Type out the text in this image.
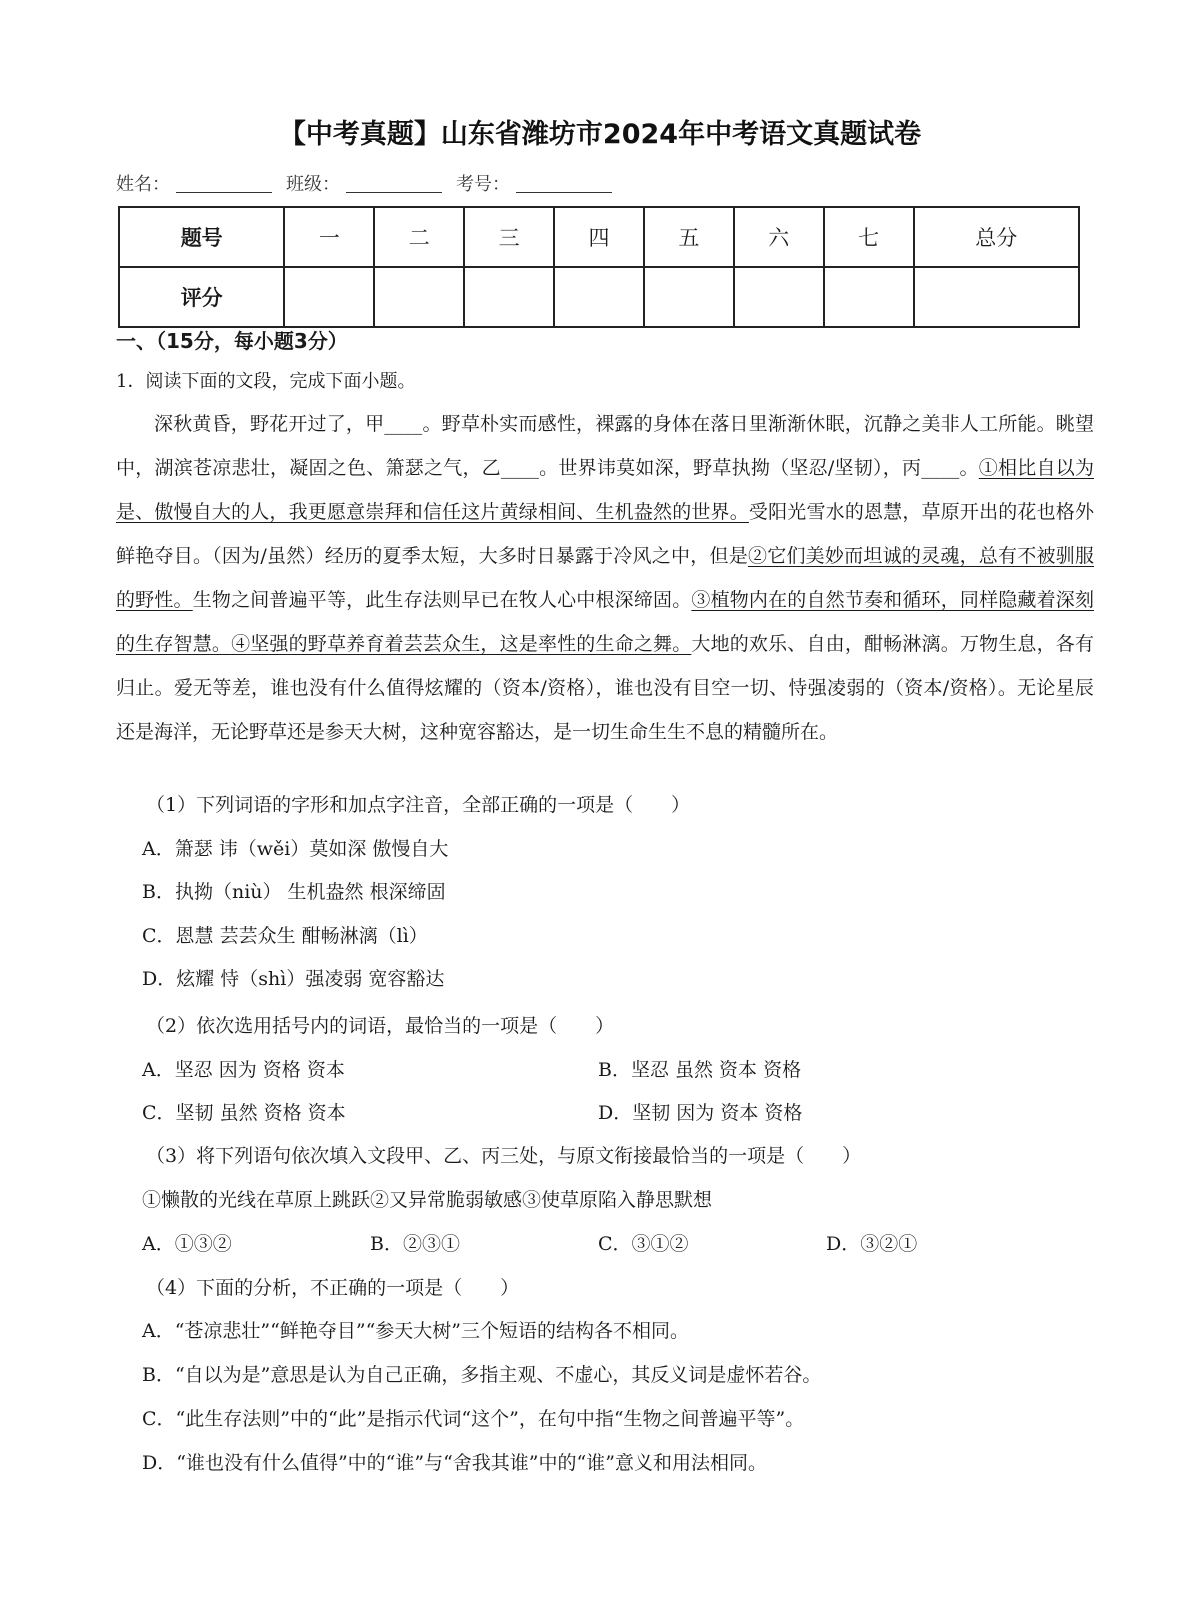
【中考真题】山东省潍坊市2024年中考语文真题试卷
姓名：	班级：	考号：
题号	一	二	三	四	五	六	七	总分
评分								
一、（15分，每小题3分）
1．阅读下面的文段，完成下面小题。

深秋黄昏，野花开过了，甲____。野草朴实而感性，裸露的身体在落日里渐渐休眠，沉静之美非人工所能。眺望中，湖滨苍凉悲壮，凝固之色、箫瑟之气，乙____。世界讳莫如深，野草执拗（坚忍/坚韧），丙____。①相比自以为是、傲慢自大的人，我更愿意崇拜和信任这片黄绿相间、生机盎然的世界。受阳光雪水的恩慧，草原开出的花也格外鲜艳夺目。（因为/虽然）经历的夏季太短，大多时日暴露于冷风之中，但是②它们美妙而坦诚的灵魂，总有不被驯服的野性。生物之间普遍平等，此生存法则早已在牧人心中根深缔固。③植物内在的自然节奏和循环，同样隐藏着深刻的生存智慧。④坚强的野草养育着芸芸众生，这是率性的生命之舞。大地的欢乐、自由，酣畅淋漓。万物生息，各有归止。爱无等差，谁也没有什么值得炫耀的（资本/资格），谁也没有目空一切、恃强凌弱的（资本/资格）。无论星辰还是海洋，无论野草还是参天大树，这种宽容豁达，是一切生命生生不息的精髓所在。

（1）下列词语的字形和加点字注音，全部正确的一项是（　　）
A．箫瑟 讳（wěi）莫如深 傲慢自大
B．执拗（niù） 生机盎然 根深缔固
C．恩慧 芸芸众生 酣畅淋漓（lì）
D．炫耀 恃（shì）强凌弱 宽容豁达
（2）依次选用括号内的词语，最恰当的一项是（　　）
A．坚忍 因为 资格 资本	B．坚忍 虽然 资本 资格
C．坚韧 虽然 资格 资本	D．坚韧 因为 资本 资格
（3）将下列语句依次填入文段甲、乙、丙三处，与原文衔接最恰当的一项是（　　）
①懒散的光线在草原上跳跃②又异常脆弱敏感③使草原陷入静思默想
A．①③②	B．②③①	C．③①②	D．③②①
（4）下面的分析，不正确的一项是（　　）
A．“苍凉悲壮”“鲜艳夺目”“参天大树”三个短语的结构各不相同。
B．“自以为是”意思是认为自己正确，多指主观、不虚心，其反义词是虚怀若谷。
C．“此生存法则”中的“此”是指示代词“这个”，在句中指“生物之间普遍平等”。
D．“谁也没有什么值得”中的“谁”与“舍我其谁”中的“谁”意义和用法相同。
